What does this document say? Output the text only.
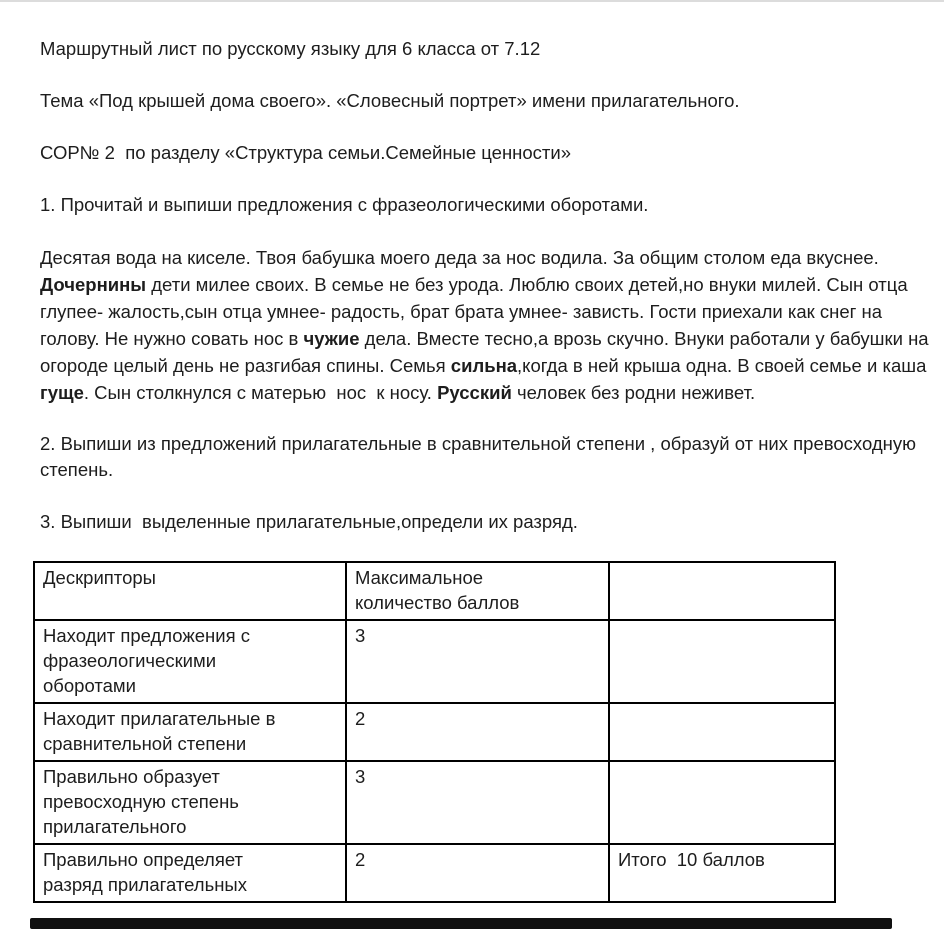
Маршрутный лист по русскому языку для 6 класса от 7.12

Тема «Под крышей дома своего». «Словесный портрет» имени прилагательного.

СОР№ 2  по разделу «Структура семьи.Семейные ценности»

1. Прочитай и выпиши предложения с фразеологическими оборотами.

Десятая вода на киселе. Твоя бабушка моего деда за нос водила. За общим столом еда вкуснее. Дочернины дети милее своих. В семье не без урода. Люблю своих детей,но внуки милей. Сын отца глупее- жалость,сын отца умнее- радость, брат брата умнее- зависть. Гости приехали как снег на голову. Не нужно совать нос в чужие дела. Вместе тесно,а врозь скучно. Внуки работали у бабушки на огороде целый день не разгибая спины. Семья сильна,когда в ней крыша одна. В своей семье и каша гуще. Сын столкнулся с матерью  нос  к носу. Русский человек без родни неживет.

2. Выпиши из предложений прилагательные в сравнительной степени , образуй от них превосходную степень.

3. Выпиши  выделенные прилагательные,определи их разряд.

Дескрипторы	Максимальное
количество баллов	
Находит предложения с
фразеологическими
оборотами	3	
Находит прилагательные в
сравнительной степени	2	
Правильно образует
превосходную степень
прилагательного	3	
Правильно определяет
разряд прилагательных	2	Итого  10 баллов
